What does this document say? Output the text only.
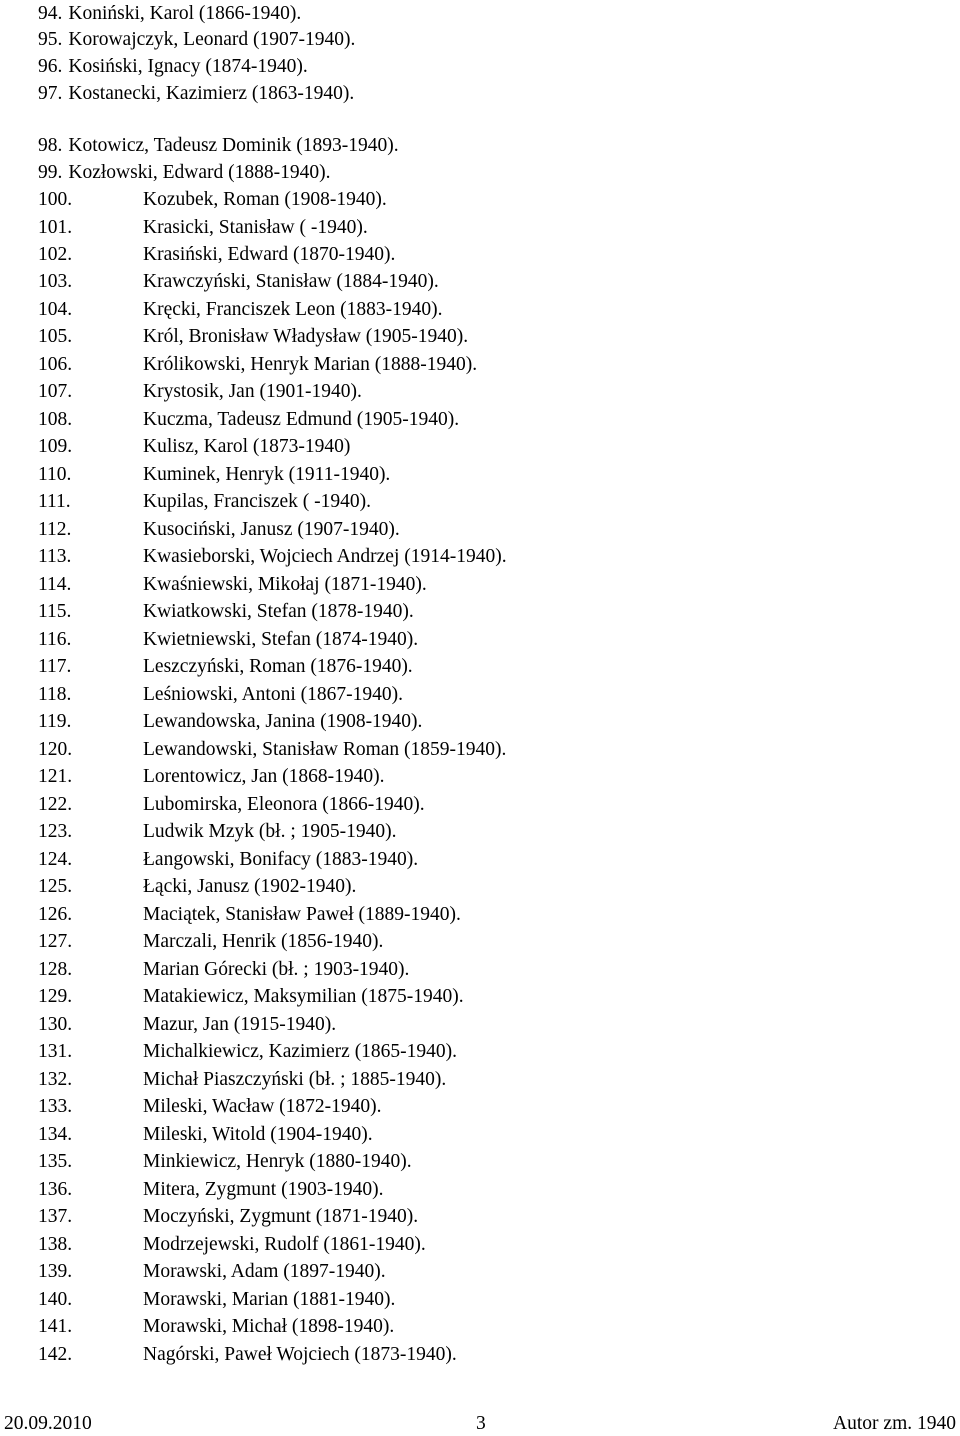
94. Koniński, Karol (1866-1940).
95. Korowajczyk, Leonard (1907-1940).
96. Kosiński, Ignacy (1874-1940).
97. Kostanecki, Kazimierz (1863-1940).
98. Kotowicz, Tadeusz Dominik (1893-1940).
99. Kozłowski, Edward (1888-1940).
100.	Kozubek, Roman (1908-1940).
101.	Krasicki, Stanisław ( -1940).
102.	Krasiński, Edward (1870-1940).
103.	Krawczyński, Stanisław (1884-1940).
104.	Kręcki, Franciszek Leon (1883-1940).
105.	Król, Bronisław Władysław (1905-1940).
106.	Królikowski, Henryk Marian (1888-1940).
107.	Krystosik, Jan (1901-1940).
108.	Kuczma, Tadeusz Edmund (1905-1940).
109.	Kulisz, Karol (1873-1940)
110.	Kuminek, Henryk (1911-1940).
111.	Kupilas, Franciszek ( -1940).
112.	Kusociński, Janusz (1907-1940).
113.	Kwasieborski, Wojciech Andrzej (1914-1940).
114.	Kwaśniewski, Mikołaj (1871-1940).
115.	Kwiatkowski, Stefan (1878-1940).
116.	Kwietniewski, Stefan (1874-1940).
117.	Leszczyński, Roman (1876-1940).
118.	Leśniowski, Antoni (1867-1940).
119.	Lewandowska, Janina (1908-1940).
120.	Lewandowski, Stanisław Roman (1859-1940).
121.	Lorentowicz, Jan (1868-1940).
122.	Lubomirska, Eleonora (1866-1940).
123.	Ludwik Mzyk (bł. ; 1905-1940).
124.	Łangowski, Bonifacy (1883-1940).
125.	Łącki, Janusz (1902-1940).
126.	Maciątek, Stanisław Paweł (1889-1940).
127.	Marczali, Henrik (1856-1940).
128.	Marian Górecki (bł. ; 1903-1940).
129.	Matakiewicz, Maksymilian (1875-1940).
130.	Mazur, Jan (1915-1940).
131.	Michalkiewicz, Kazimierz (1865-1940).
132.	Michał Piaszczyński (bł. ; 1885-1940).
133.	Mileski, Wacław (1872-1940).
134.	Mileski, Witold (1904-1940).
135.	Minkiewicz, Henryk (1880-1940).
136.	Mitera, Zygmunt (1903-1940).
137.	Moczyński, Zygmunt (1871-1940).
138.	Modrzejewski, Rudolf (1861-1940).
139.	Morawski, Adam (1897-1940).
140.	Morawski, Marian (1881-1940).
141.	Morawski, Michał (1898-1940).
142.	Nagórski, Paweł Wojciech (1873-1940).
20.09.2010	3	Autor zm. 1940
